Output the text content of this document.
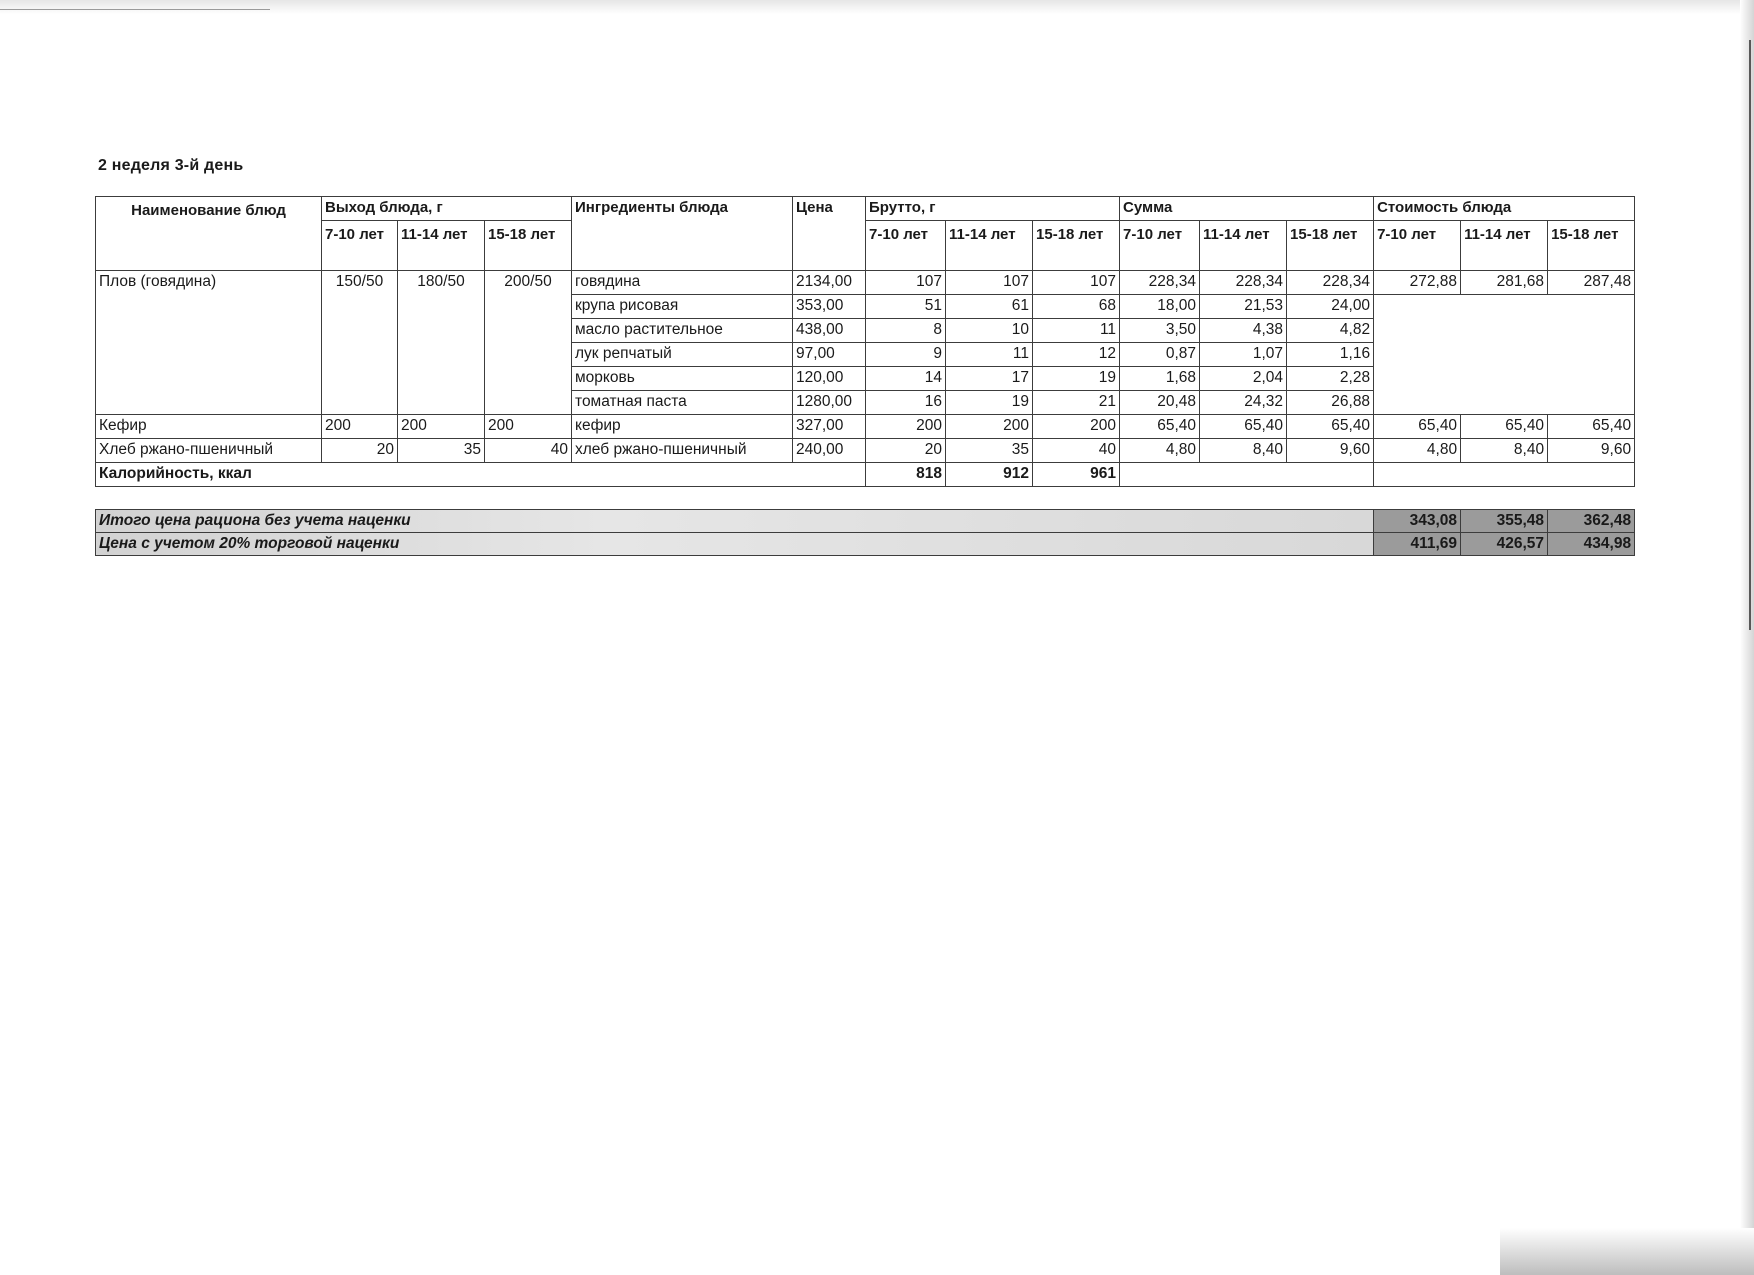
2 неделя 3-й день
Наименование блюд	Выход блюда, г			Ингредиенты блюда	Цена	Брутто, г			Сумма			Стоимость блюда		
	7-10 лет	11-14 лет	15-18 лет			7-10 лет	11-14 лет	15-18 лет	7-10 лет	11-14 лет	15-18 лет	7-10 лет	11-14 лет	15-18 лет
Плов (говядина)	150/50	180/50	200/50	говядина	2134,00	107	107	107	228,34	228,34	228,34	272,88	281,68	287,48
				крупа рисовая	353,00	51	61	68	18,00	21,53	24,00			
				масло растительное	438,00	8	10	11	3,50	4,38	4,82			
				лук репчатый	97,00	9	11	12	0,87	1,07	1,16			
				морковь	120,00	14	17	19	1,68	2,04	2,28			
				томатная паста	1280,00	16	19	21	20,48	24,32	26,88			
Кефир	200	200	200	кефир	327,00	200	200	200	65,40	65,40	65,40	65,40	65,40	65,40
Хлеб ржано-пшеничный	20	35	40	хлеб ржано-пшеничный	240,00	20	35	40	4,80	8,40	9,60	4,80	8,40	9,60
Калорийность, ккал						818	912	961						

Итого цена рациона без учета наценки												343,08	355,48	362,48
Цена с учетом 20% торговой наценки												411,69	426,57	434,98
